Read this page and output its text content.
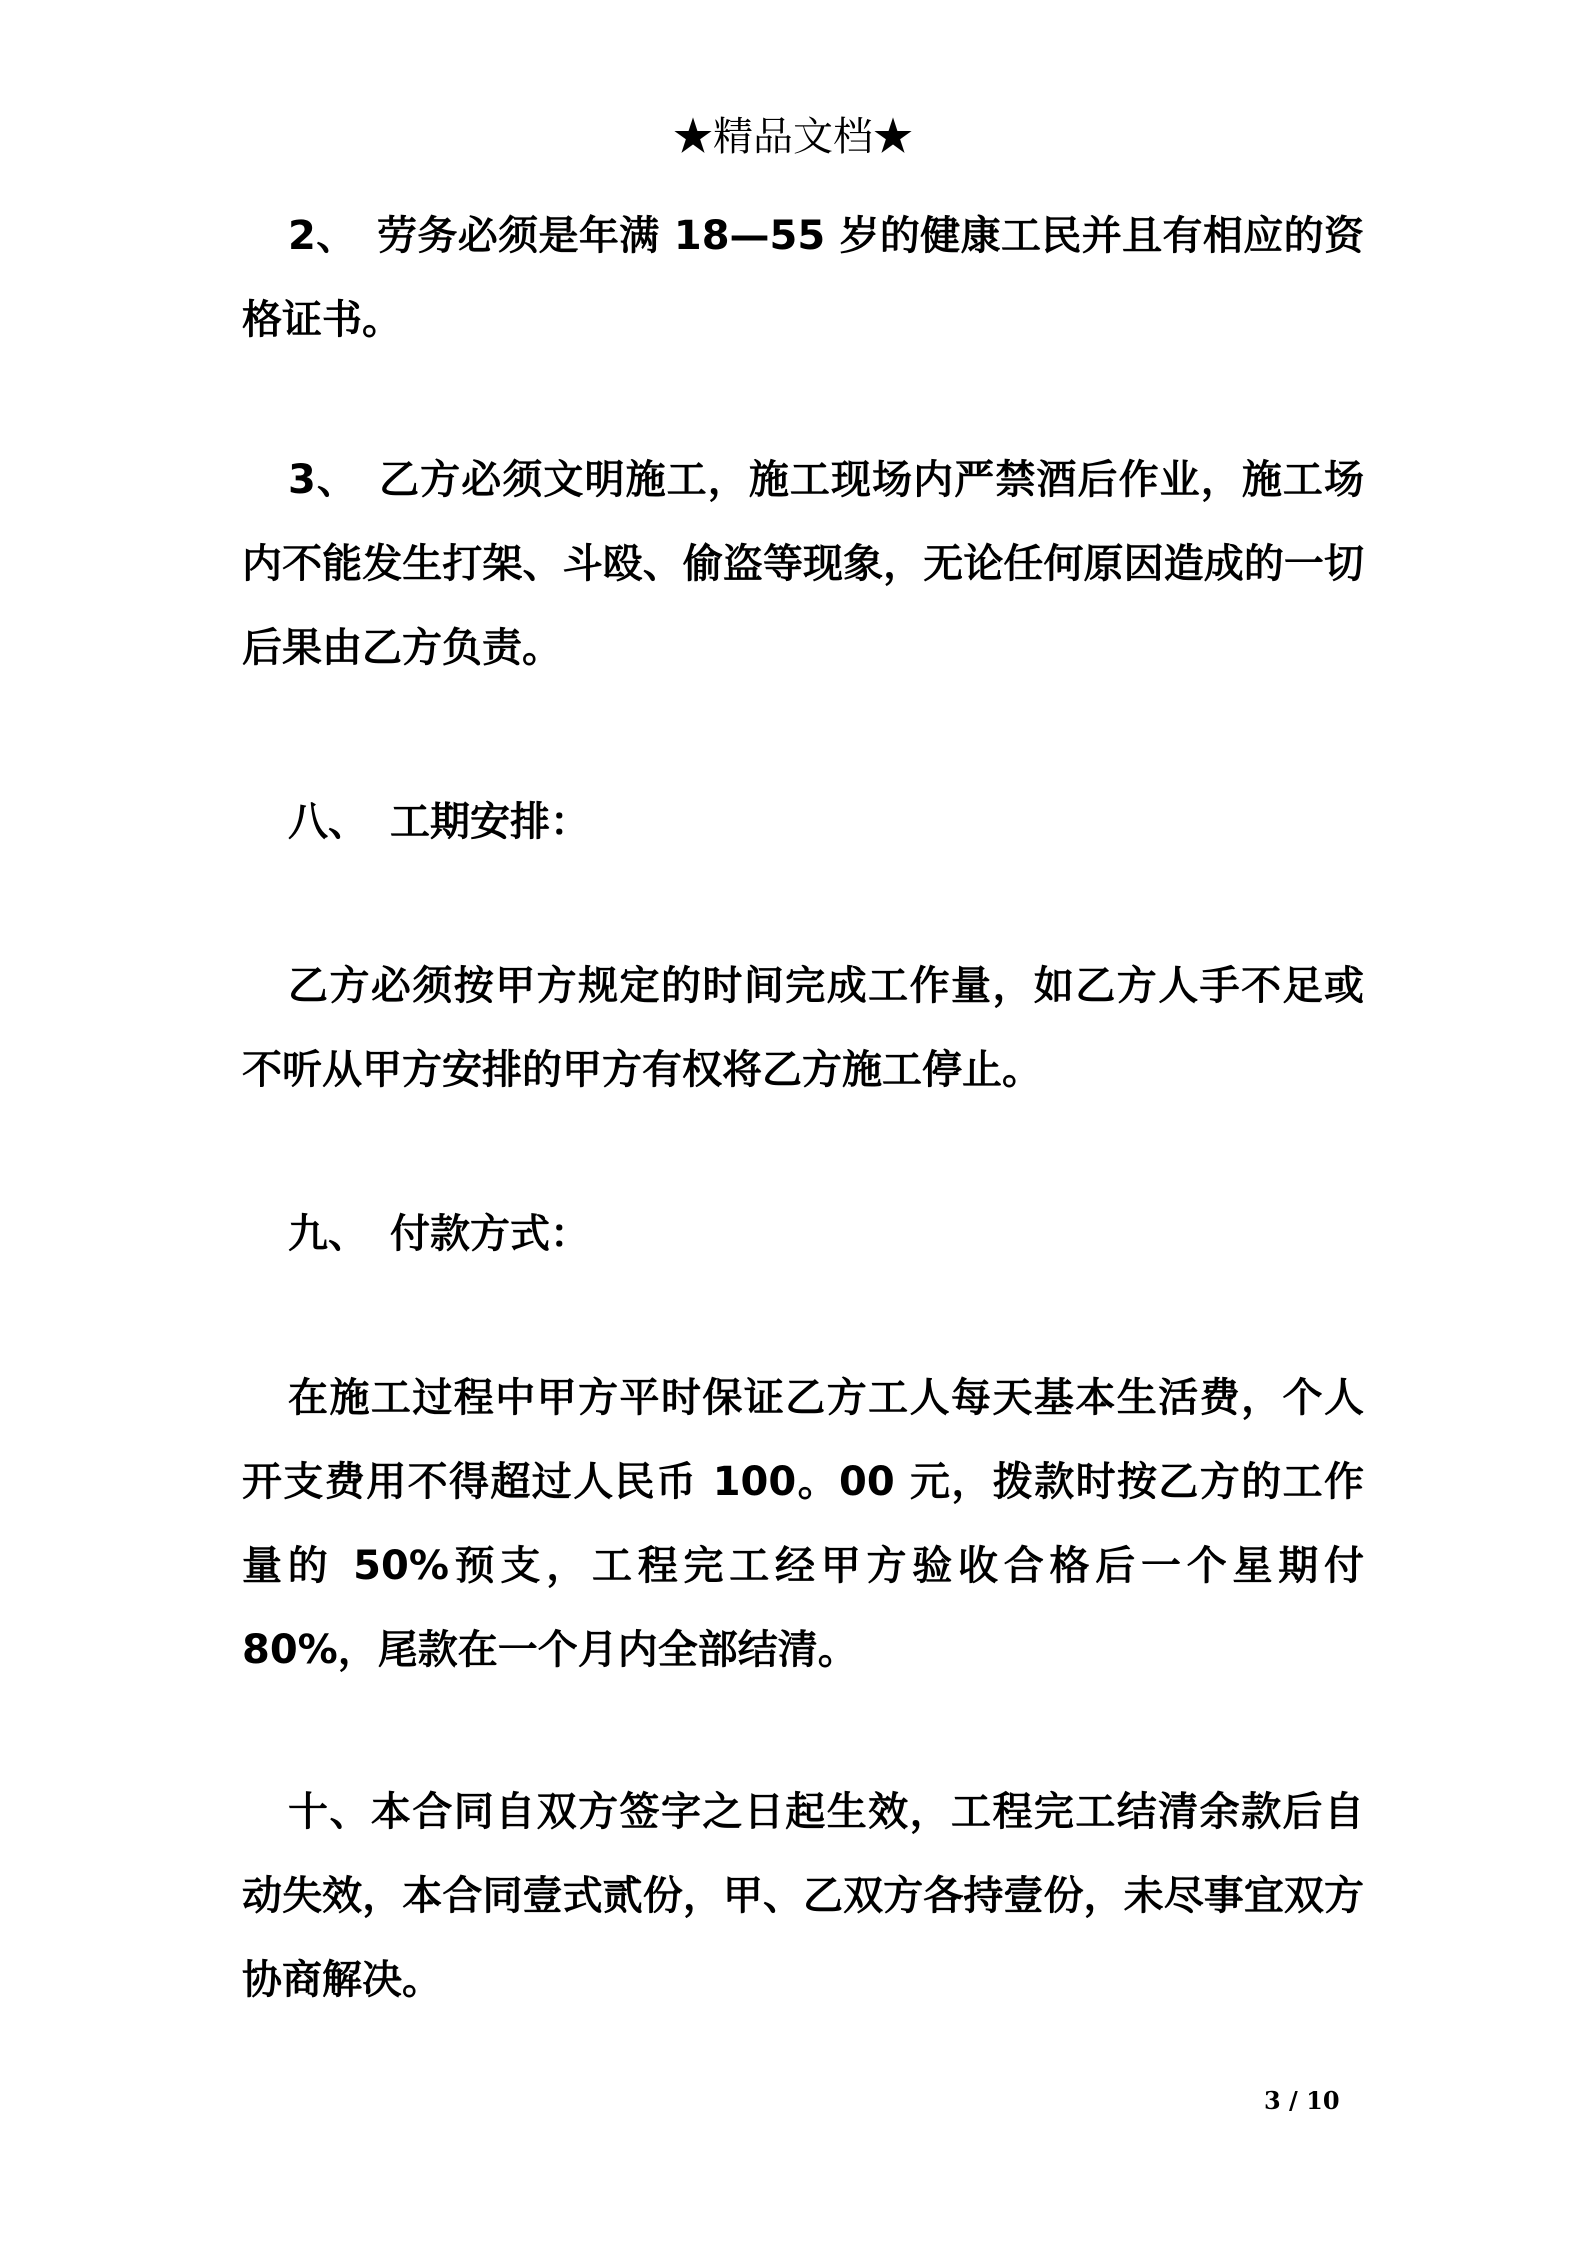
★精品文档★
2、　劳务必须是年满 18—55 岁的健康工民并且有相应的资格证书。
3、　乙方必须文明施工，施工现场内严禁酒后作业，施工场内不能发生打架、斗殴、偷盗等现象，无论任何原因造成的一切后果由乙方负责。
八、 工期安排：
乙方必须按甲方规定的时间完成工作量，如乙方人手不足或不听从甲方安排的甲方有权将乙方施工停止。
九、 付款方式：
在施工过程中甲方平时保证乙方工人每天基本生活费，个人开支费用不得超过人民币 100。00 元，拨款时按乙方的工作量的 50%预支，工程完工经甲方验收合格后一个星期付 80%，尾款在一个月内全部结清。
十、本合同自双方签字之日起生效，工程完工结清余款后自动失效，本合同壹式贰份，甲、乙双方各持壹份，未尽事宜双方协商解决。
3 / 10
